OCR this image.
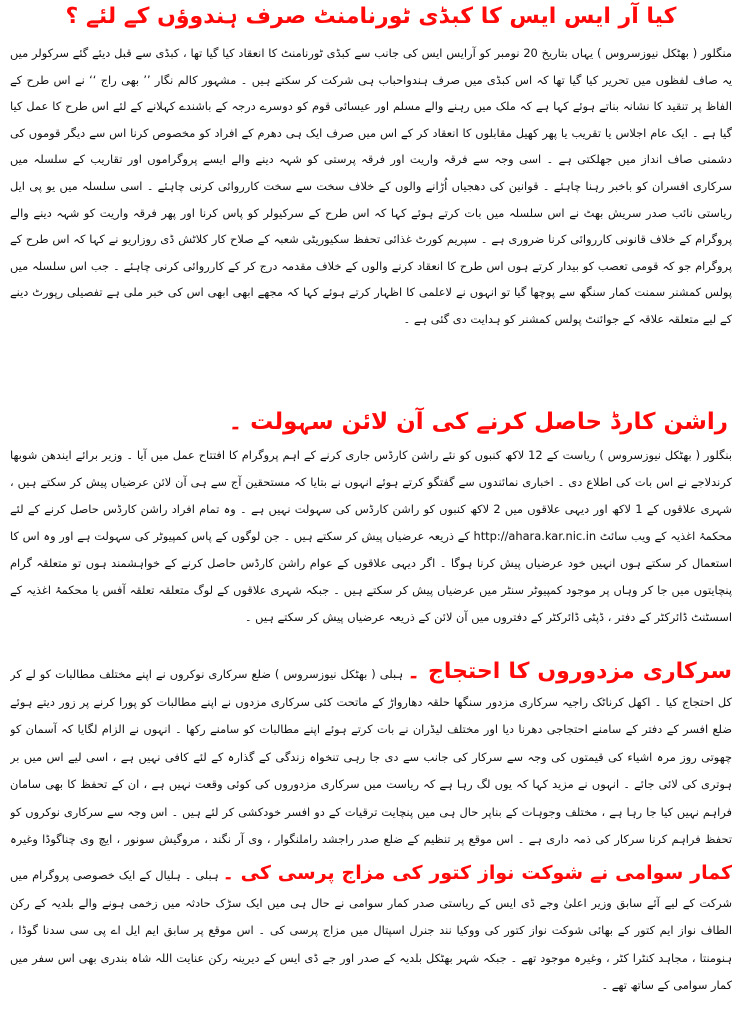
کیا آر ایس ایس کا کبڈی ٹورنامنٹ صرف ہندوؤں کے لئے ؟

منگلور ( بھٹکل نیوزسروس ) یہاں بتاریخ 20 نومبر کو آرایس ایس کی جانب سے کبڈی ٹورنامنٹ کا انعقاد کیا گیا تھا ، کبڈی سے قبل دیئے گئے سرکولر میں یہ صاف لفظوں میں تحریر کیا گیا تھا کہ اس کبڈی میں صرف ہندواحباب ہی شرکت کر سکتے ہیں ۔ مشہور کالم نگار ’’ بھی راج ‘‘ نے اس طرح کے الفاظ پر تنقید کا نشانہ بناتے ہوئے کہا ہے کہ ملک میں رہنے والے مسلم اور عیسائی قوم کو دوسرے درجہ کے باشندے کہلانے کے لئے اس طرح کا عمل کیا گیا ہے ۔ ایک عام اجلاس یا تقریب یا پھر کھیل مقابلوں کا انعقاد کر کے اس میں صرف ایک ہی دھرم کے افراد کو مخصوص کرنا اس سے دیگر قوموں کی دشمنی صاف انداز میں جھلکتی ہے ۔ اسی وجہ سے فرقہ واریت اور فرقہ پرستی کو شہہ دینے والے ایسے پروگراموں اور تقاریب کے سلسلہ میں سرکاری افسران کو باخبر رہنا چاہئے ۔ قوانین کی دھجیاں اُڑانے والوں کے خلاف سخت سے سخت کارروائی کرنی چاہئے ۔ اسی سلسلہ میں یو پی ایل ریاستی نائب صدر سریش بھٹ نے اس سلسلہ میں بات کرتے ہوئے کہا کہ اس طرح کے سرکیولر کو پاس کرنا اور پھر فرقہ واریت کو شہہ دینے والے پروگرام کے خلاف قانونی کارروائی کرنا ضروری ہے ۔ سپریم کورٹ غذائی تحفظ سکیوریٹی شعبہ کے صلاح کار کلاٹش ڈی روزاریو نے کہا کہ اس طرح کے پروگرام جو کہ قومی تعصب کو بیدار کرتے ہوں اس طرح کا انعقاد کرنے والوں کے خلاف مقدمہ درج کر کے کارروائی کرنی چاہئے ۔ جب اس سلسلہ میں پولس کمشنر سمنت کمار سنگھ سے پوچھا گیا تو انہوں نے لاعلمی کا اظہار کرتے ہوئے کہا کہ مجھے ابھی ابھی اس کی خبر ملی ہے تفصیلی رپورٹ دینے کے لیے متعلقہ علاقہ کے جوائنٹ پولس کمشنر کو ہدایت دی گئی ہے ۔

راشن کارڈ حاصل کرنے کی آن لائن سہولت ۔

بنگلور ( بھٹکل نیوزسروس ) ریاست کے 12 لاکھ کنبوں کو نئے راشن کارڈس جاری کرنے کے اہم پروگرام کا افتتاح عمل میں آیا ۔ وزیر برائے ایندھن شوبھا کرندلاجے نے اس بات کی اطلاع دی ۔ اخباری نمائندوں سے گفتگو کرتے ہوئے انہوں نے بتایا کہ مستحقین آج سے ہی آن لائن عرضیاں پیش کر سکتے ہیں ، شہری علاقوں کے 1 لاکھ اور دیہی علاقوں میں 2 لاکھ کنبوں کو راشن کارڈس کی سہولت نہیں ہے ۔ وہ تمام افراد راشن کارڈس حاصل کرنے کے لئے محکمۂ اغذیہ کے ویب سائٹ http://ahara.kar.nic.in کے ذریعہ عرضیاں پیش کر سکتے ہیں ۔ جن لوگوں کے پاس کمپیوٹر کی سہولت ہے اور وہ اس کا استعمال کر سکتے ہوں انہیں خود عرضیاں پیش کرنا ہوگا ۔ اگر دیہی علاقوں کے عوام راشن کارڈس حاصل کرنے کے خواہشمند ہوں تو متعلقہ گرام پنچایتوں میں جا کر وہاں پر موجود کمپیوٹر سنٹر میں عرضیاں پیش کر سکتے ہیں ۔ جبکہ شہری علاقوں کے لوگ متعلقہ تعلقہ آفس یا محکمۂ اغذیہ کے اسسٹنٹ ڈائرکٹر کے دفتر ، ڈپٹی ڈائرکٹر کے دفتروں میں آن لائن کے ذریعہ عرضیاں پیش کر سکتے ہیں ۔

سرکاری مزدوروں کا احتجاج ۔ ہبلی ( بھٹکل نیوزسروس ) ضلع سرکاری نوکروں نے اپنے مختلف مطالبات کو لے کر کل احتجاج کیا ۔ اکھل کرناٹک راجیہ سرکاری مزدور سنگھا حلقہ دھارواڑ کے ماتحت کئی سرکاری مزدوں نے اپنے مطالبات کو پورا کرنے پر زور دیتے ہوئے ضلع افسر کے دفتر کے سامنے احتجاجی دھرنا دیا اور مختلف لیڈران نے بات کرتے ہوئے اپنے مطالبات کو سامنے رکھا ۔ انہوں نے الزام لگایا کہ آسمان کو چھوتی روز مرہ اشیاء کی قیمتوں کی وجہ سے سرکار کی جانب سے دی جا رہی تنخواہ زندگی کے گذارہ کے لئے کافی نہیں ہے ، اسی لیے اس میں بر ہوتری کی لائی جائے ۔ انہوں نے مزید کہا کہ یوں لگ رہا ہے کہ ریاست میں سرکاری مزدوروں کی کوئی وقعت نہیں ہے ، ان کے تحفظ کا بھی سامان فراہم نہیں کیا جا رہا ہے ، مختلف وجوہات کے بناپر حال ہی میں پنچایت ترقیات کے دو افسر خودکشی کر لئے ہیں ۔ اس وجہ سے سرکاری نوکروں کو تحفظ فراہم کرنا سرکار کی ذمہ داری ہے ۔ اس موقع پر تنظیم کے ضلع صدر راجشد راملنگوار ، وی آر نگند ، مروگیش سونور ، ایچ وی چناگوڈا وغیرہ

کمار سوامی نے شوکت نواز کتور کی مزاج پرسی کی ۔ ہبلی ۔ ہلیال کے ایک خصوصی پروگرام میں شرکت کے لیے آئے سابق وزیر اعلیٰ وجے ڈی ایس کے ریاستی صدر کمار سوامی نے حال ہی میں ایک سڑک حادثہ میں زخمی ہونے والے بلدیہ کے رکن الطاف نواز ایم کتور کے بھائی شوکت نواز کتور کی ووکیا نند جنرل اسپتال میں مزاج پرسی کی ۔ اس موقع پر سابق ایم ایل اے پی سی سدنا گوڈا ، ہنومنتا ، مجاہد کنٹرا کٹر ، وغیرہ موجود تھے ۔ جبکہ شہر بھٹکل بلدیہ کے صدر اور جے ڈی ایس کے دیرینہ رکن عنایت اللہ شاہ بندری بھی اس سفر میں کمار سوامی کے ساتھ تھے ۔
